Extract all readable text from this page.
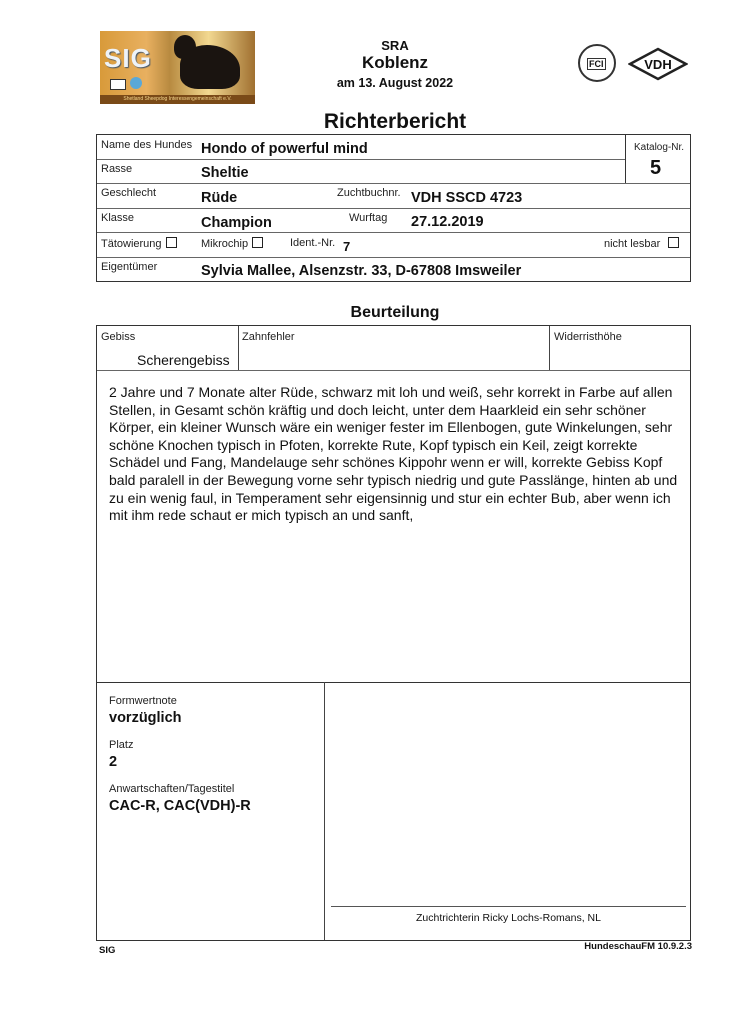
SIG
Shetland Sheepdog Interessengemeinschaft e.V.
SRA
Koblenz
am 13. August 2022
FCI	VDH
Richterbericht
Name des Hundes Hondo of powerful mind	Katalog-Nr.
5
Rasse	Sheltie
Geschlecht	Rüde	Zuchtbuchnr. VDH SSCD 4723
Klasse	Champion	Wurftag 27.12.2019
Tätowierung	Mikrochip	Ident.-Nr. 7	nicht lesbar
Eigentümer	Sylvia Mallee, Alsenzstr. 33, D-67808 Imsweiler
Beurteilung
Gebiss
Scherengebiss
Zahnfehler	Widerristhöhe
2 Jahre und 7 Monate alter Rüde, schwarz mit loh und weiß, sehr korrekt in Farbe auf allen Stellen, in Gesamt schön kräftig und doch leicht, unter dem Haarkleid ein sehr schöner Körper, ein kleiner Wunsch wäre ein weniger fester im Ellenbogen, gute Winkelungen, sehr schöne Knochen typisch in Pfoten, korrekte Rute, Kopf typisch ein Keil, zeigt korrekte Schädel und Fang, Mandelauge sehr schönes Kippohr wenn er will, korrekte Gebiss Kopf bald paralell in der Bewegung vorne sehr typisch niedrig und gute Passlänge, hinten ab und zu ein wenig faul, in Temperament sehr eigensinnig und stur ein echter Bub, aber wenn ich mit ihm rede schaut er mich typisch an und sanft,
Formwertnote
vorzüglich
Platz
2
Anwartschaften/Tagestitel
CAC-R, CAC(VDH)-R
Zuchtrichterin Ricky Lochs-Romans, NL
SIG	HundeschauFM 10.9.2.3
